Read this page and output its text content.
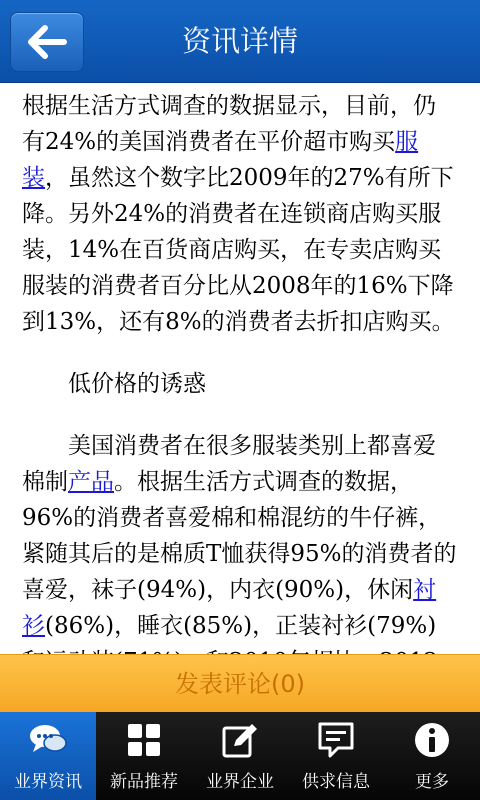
资讯详情

根据生活方式调查的数据显示，目前，仍有24%的美国消费者在平价超市购买服装，虽然这个数字比2009年的27%有所下降。另外24%的消费者在连锁商店购买服装，14%在百货商店购买，在专卖店购买服装的消费者百分比从2008年的16%下降到13%，还有8%的消费者去折扣店购买。

低价格的诱惑

美国消费者在很多服装类别上都喜爱棉制产品。根据生活方式调查的数据，96%的消费者喜爱棉和棉混纺的牛仔裤，紧随其后的是棉质T恤获得95%的消费者的喜爱，袜子(94%)，内衣(90%)，休闲衬衫(86%)，睡衣(85%)，正装衬衫(79%)

发表评论(0)
业界资讯	新品推荐	业界企业	供求信息	更多
